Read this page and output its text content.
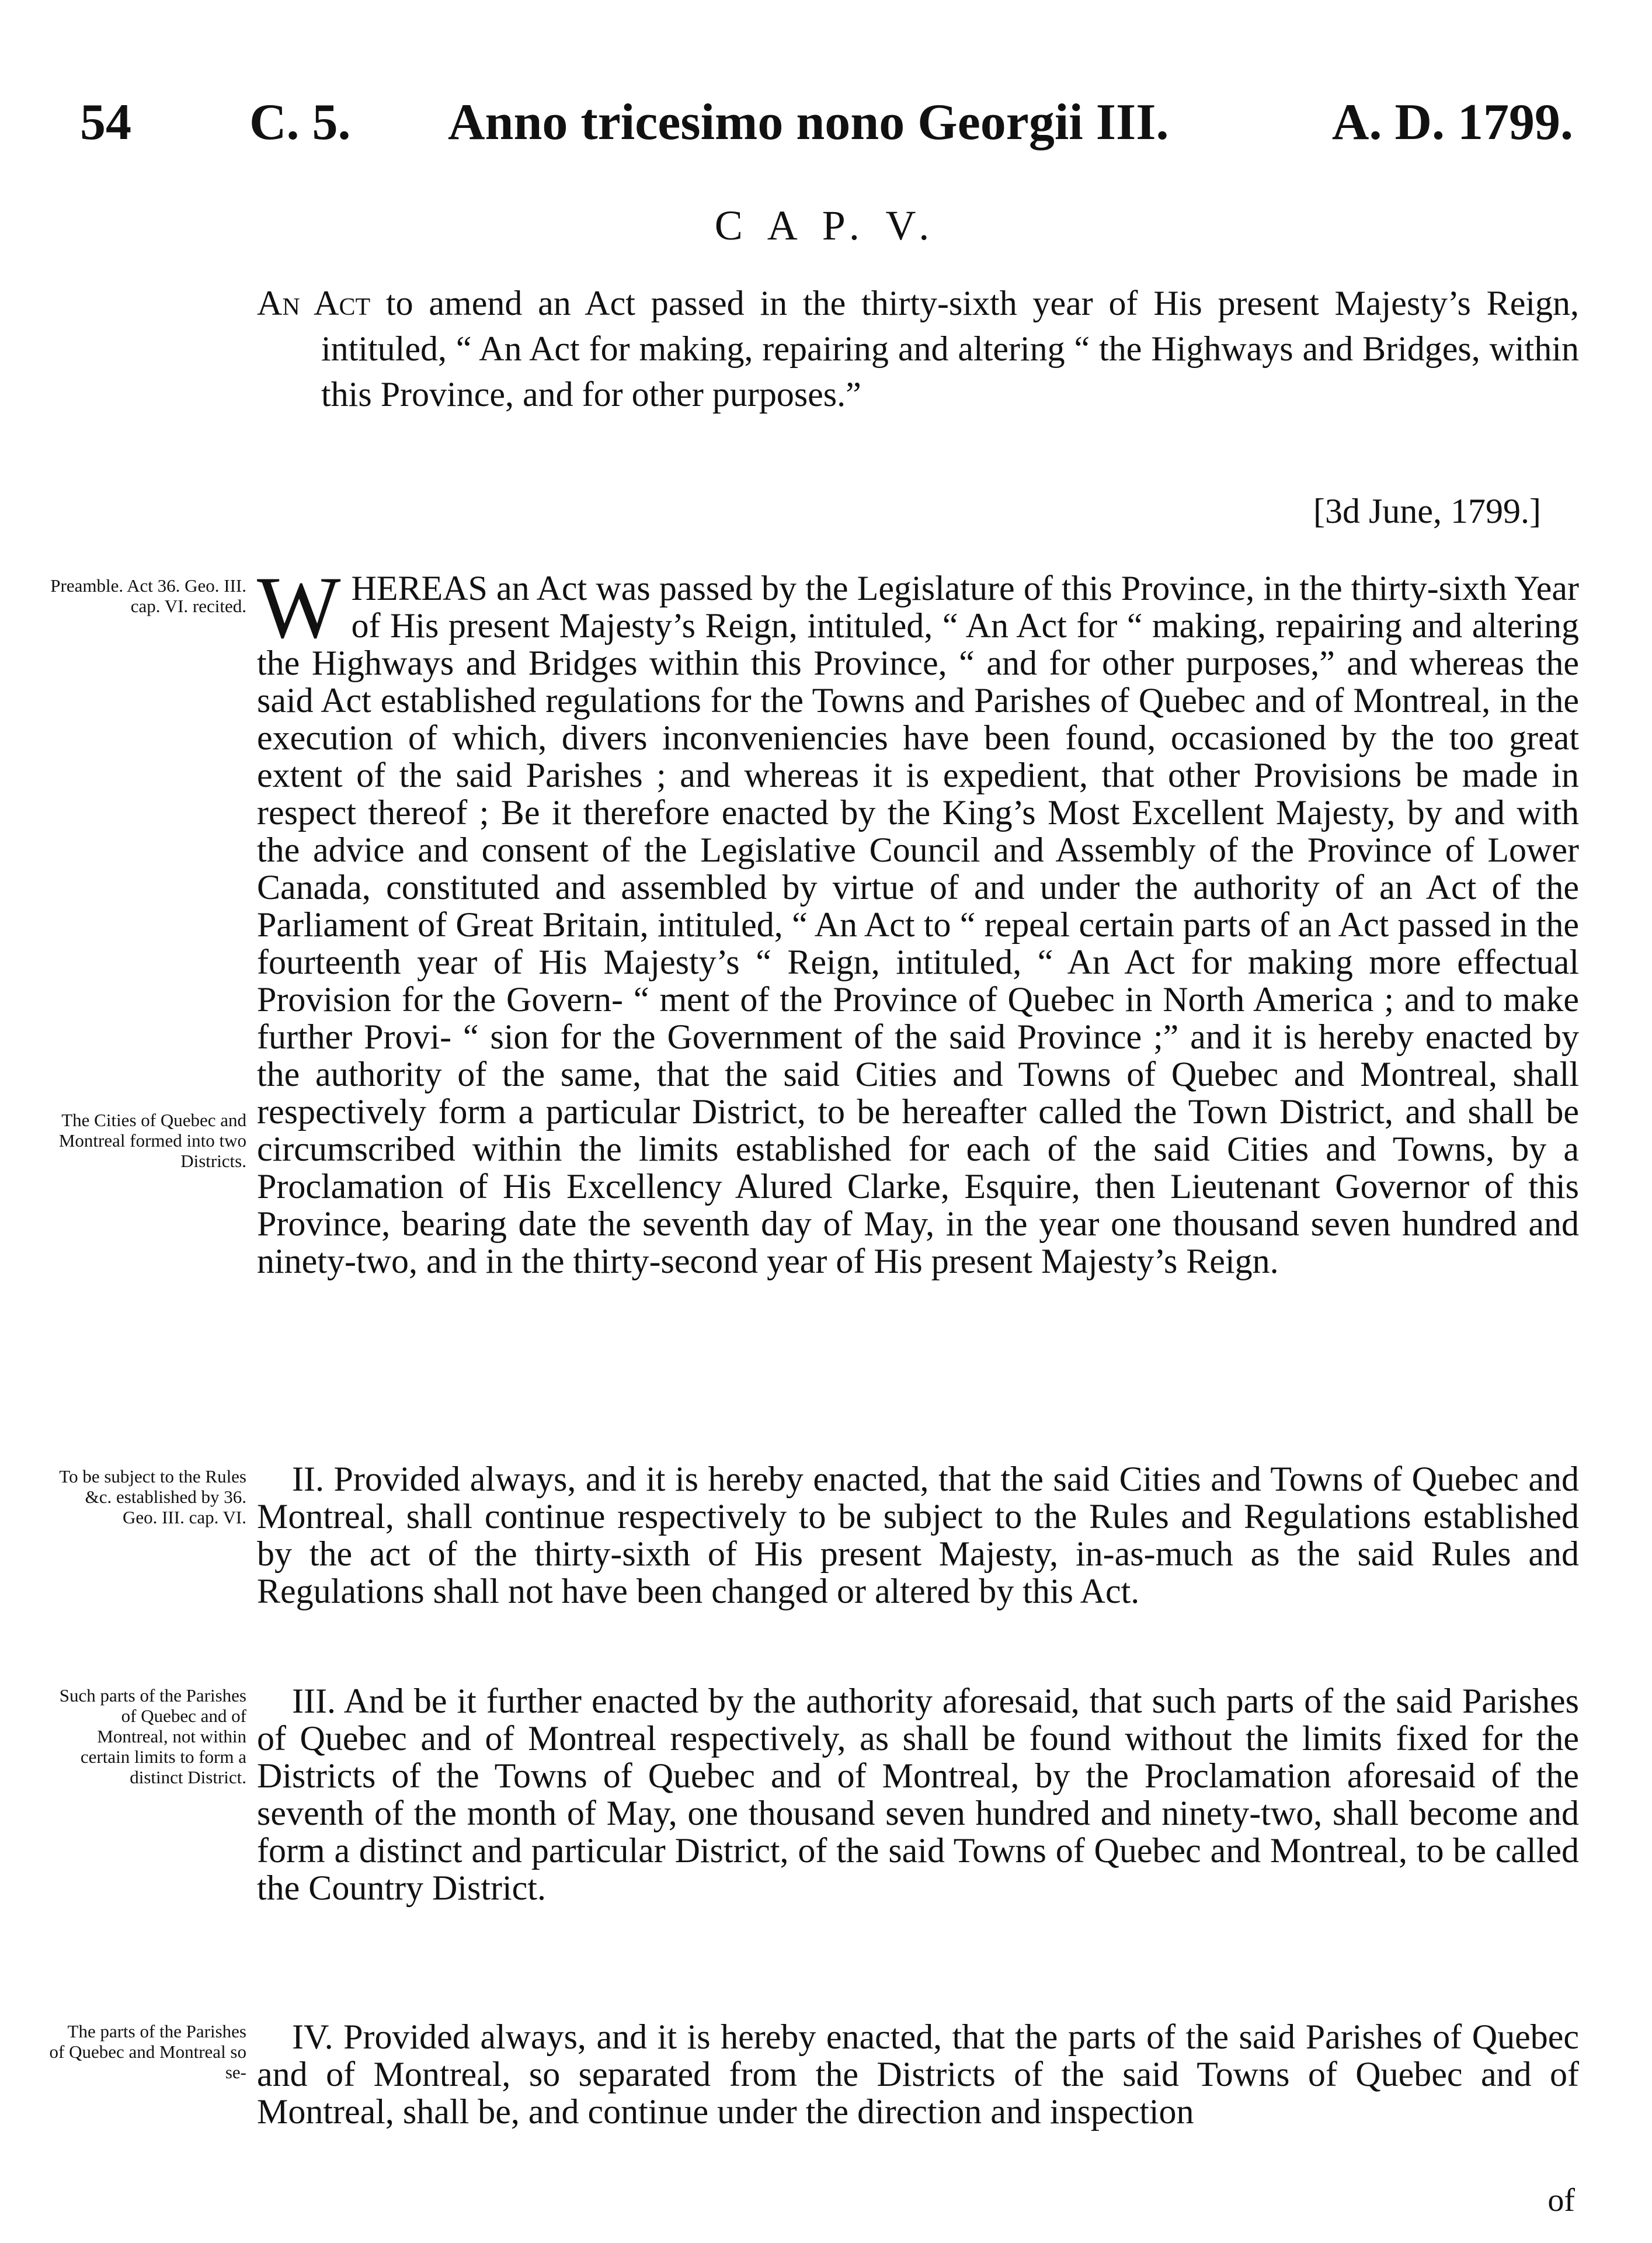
54 C. 5. Anno tricesimo nono Georgii III.	A. D. 1799.
C A P. V.
An Act to amend an Act passed in the thirty-sixth year of His present Majesty’s Reign, intituled, “ An Act for making, repairing and altering “ the Highways and Bridges, within this Province, and for other purposes.”
[3d June, 1799.]
Preamble. Act 36. Geo. III. cap. VI. recited.
The Cities of Quebec and Montreal formed into two Districts.
To be subject to the Rules &c. established by 36. Geo. III. cap. VI.
Such parts of the Parishes of Quebec and of Montreal, not within certain limits to form a distinct District.
The parts of the Parishes of Quebec and Montreal so se-

WHEREAS an Act was passed by the Legislature of this Province, in the thirty-sixth Year of His present Majesty’s Reign, intituled, “ An Act for “ making, repairing and altering the Highways and Bridges within this Province, “ and for other purposes,” and whereas the said Act established regulations for the Towns and Parishes of Quebec and of Montreal, in the execution of which, divers inconveniencies have been found, occasioned by the too great extent of the said Parishes ; and whereas it is expedient, that other Provisions be made in respect thereof ; Be it therefore enacted by the King’s Most Excellent Majesty, by and with the advice and consent of the Legislative Council and Assembly of the Province of Lower Canada, constituted and assembled by virtue of and under the authority of an Act of the Parliament of Great Britain, intituled, “ An Act to “ repeal certain parts of an Act passed in the fourteenth year of His Majesty’s “ Reign, intituled, “ An Act for making more effectual Provision for the Govern- “ ment of the Province of Quebec in North America ; and to make further Provi- “ sion for the Government of the said Province ;” and it is hereby enacted by the authority of the same, that the said Cities and Towns of Quebec and Montreal, shall respectively form a particular District, to be hereafter called the Town District, and shall be circumscribed within the limits established for each of the said Cities and Towns, by a Proclamation of His Excellency Alured Clarke, Esquire, then Lieutenant Governor of this Province, bearing date the seventh day of May, in the year one thousand seven hundred and ninety-two, and in the thirty-second year of His present Majesty’s Reign.

II. Provided always, and it is hereby enacted, that the said Cities and Towns of Quebec and Montreal, shall continue respectively to be subject to the Rules and Regulations established by the act of the thirty-sixth of His present Majesty, in-as-much as the said Rules and Regulations shall not have been changed or altered by this Act.

III. And be it further enacted by the authority aforesaid, that such parts of the said Parishes of Quebec and of Montreal respectively, as shall be found without the limits fixed for the Districts of the Towns of Quebec and of Montreal, by the Proclamation aforesaid of the seventh of the month of May, one thousand seven hundred and ninety-two, shall become and form a distinct and particular District, of the said Towns of Quebec and Montreal, to be called the Country District.

IV. Provided always, and it is hereby enacted, that the parts of the said Parishes of Quebec and of Montreal, so separated from the Districts of the said Towns of Quebec and of Montreal, shall be, and continue under the direction and inspection

of
